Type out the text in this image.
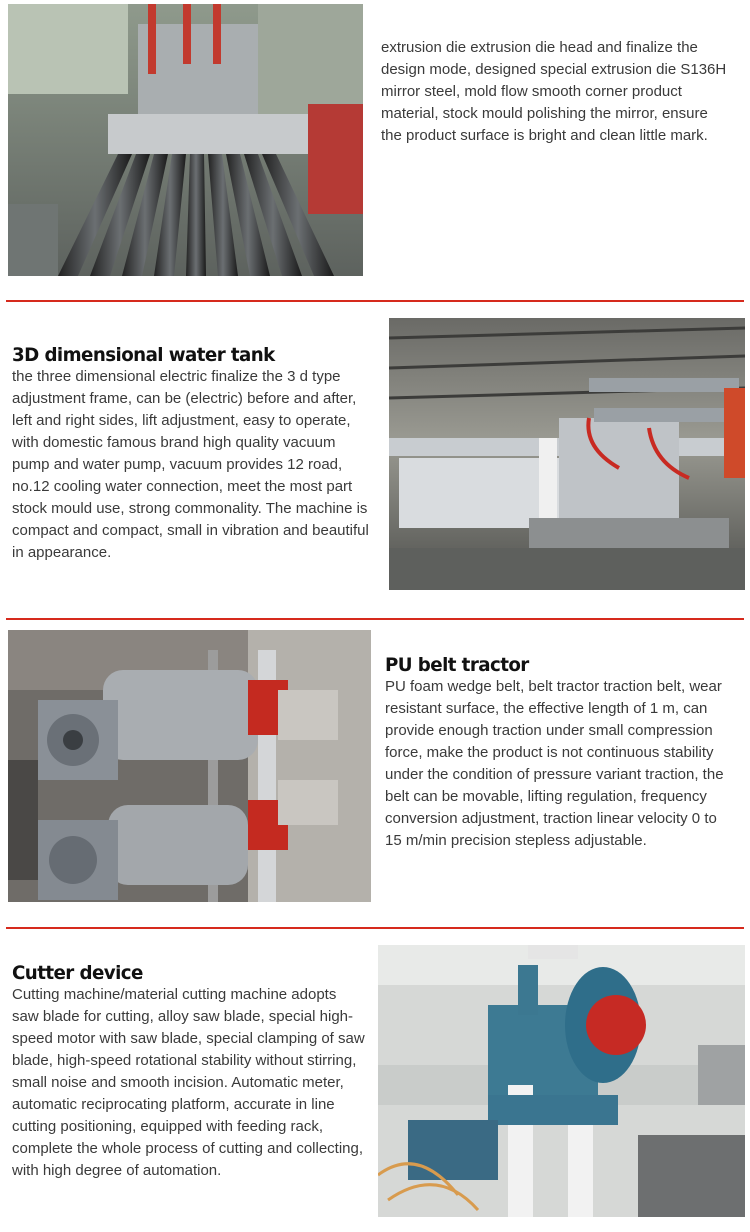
extrusion die extrusion die head and finalize the design mode, designed special extrusion die S136H mirror steel, mold flow smooth corner product material, stock mould polishing the mirror, ensure the product surface is bright and clean little mark.

3D dimensional water tank

the three dimensional electric finalize the 3 d type adjustment frame, can be (electric) before and after, left and right sides, lift adjustment, easy to operate, with domestic famous brand high quality vacuum pump and water pump, vacuum provides 12 road, no.12 cooling water connection, meet the most part stock mould use, strong commonality. The machine is compact and compact, small in vibration and beautiful in appearance.

PU belt tractor

PU foam wedge belt, belt tractor traction belt, wear resistant surface, the effective length of 1 m, can provide enough traction under small compression force, make the product is not continuous stability under the condition of pressure variant traction, the belt can be movable, lifting regulation, frequency conversion adjustment, traction linear velocity 0 to 15 m/min precision stepless adjustable.

Cutter device

Cutting machine/material cutting machine adopts saw blade for cutting, alloy saw blade, special high-speed motor with saw blade, special clamping of saw blade, high-speed rotational stability without stirring, small noise and smooth incision. Automatic meter, automatic reciprocating platform, accurate in line cutting positioning, equipped with feeding rack, complete the whole process of cutting and collecting, with high degree of automation.
